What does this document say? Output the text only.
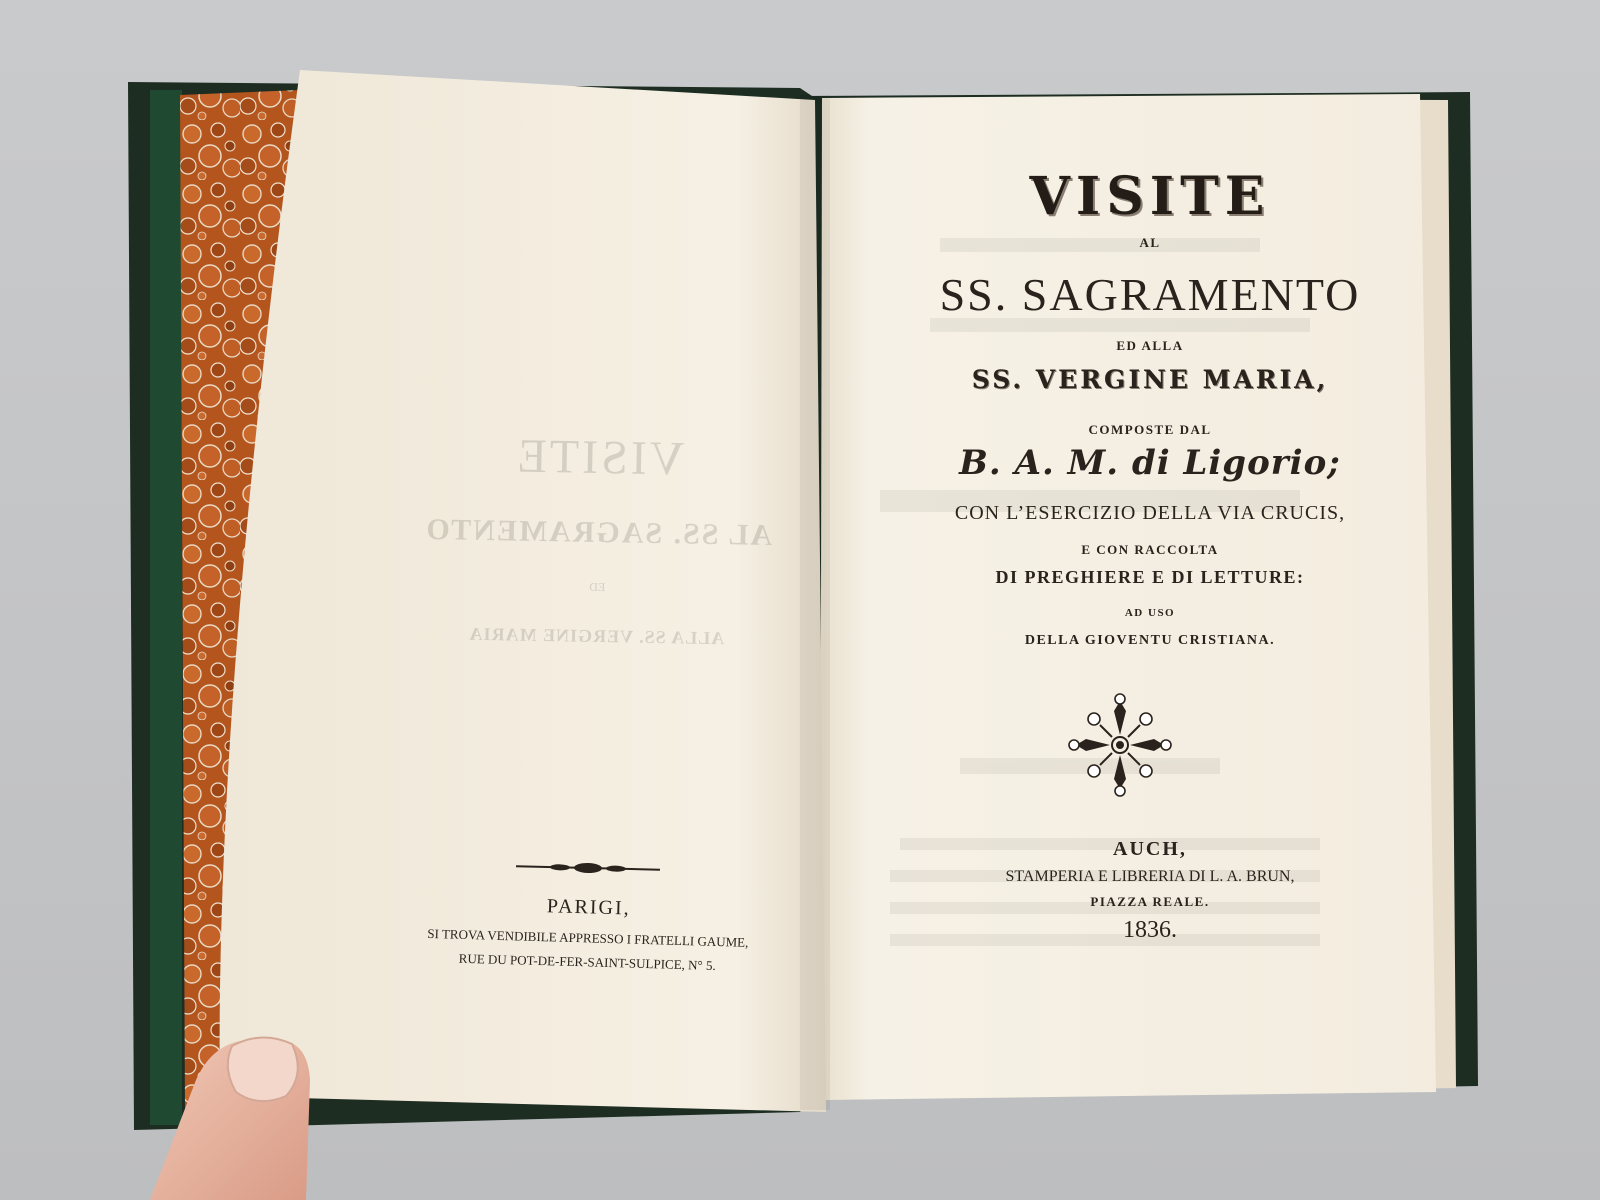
VISITE
AL SS. SAGRAMENTO
ED
ALLA SS. VERGINE MARIA
VISITE
AL
SS. SAGRAMENTO
ED ALLA
SS. VERGINE MARIA,
COMPOSTE DAL
B. A. M. di Ligorio;
CON L’ESERCIZIO DELLA VIA CRUCIS,
E CON RACCOLTA
DI PREGHIERE E DI LETTURE:
AD USO
DELLA GIOVENTU CRISTIANA.
AUCH,
STAMPERIA E LIBRERIA DI L. A. BRUN,
PIAZZA REALE.
1836.
PARIGI,
SI TROVA VENDIBILE APPRESSO I FRATELLI GAUME,
RUE DU POT-DE-FER-SAINT-SULPICE, N° 5.
